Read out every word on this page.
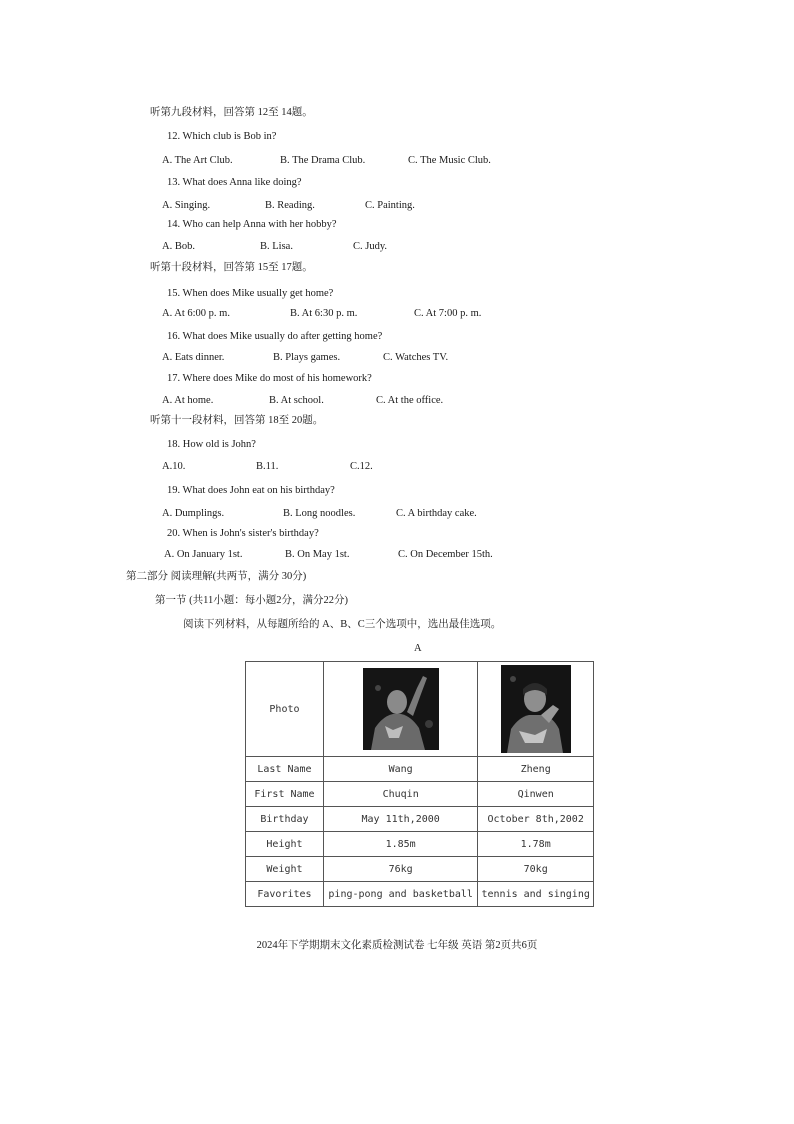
听第九段材料，回答第 12至 14题。
12. Which club is Bob in?
A. The Art Club.	B. The Drama Club.	C. The Music Club.
13. What does Anna like doing?
A. Singing.	B. Reading.	C. Painting.
14. Who can help Anna with her hobby?
A. Bob.	B. Lisa.	C. Judy.
听第十段材料，回答第 15至 17题。
15. When does Mike usually get home?
A. At 6:00 p. m.	B. At 6:30 p. m.	C. At 7:00 p. m.
16. What does Mike usually do after getting home?
A. Eats dinner.	B. Plays games.	C. Watches TV.
17. Where does Mike do most of his homework?
A. At home.	B. At school.	C. At the office.
听第十一段材料，回答第 18至 20题。
18. How old is John?
A.10.	B.11.	C.12.
19. What does John eat on his birthday?
A. Dumplings.	B. Long noodles.	C. A birthday cake.
20. When is John's sister's birthday?
A. On January 1st.	B. On May 1st.	C. On December 15th.
第二部分 阅读理解(共两节，满分 30分)
第一节 (共11小题：每小题2分，满分22分)
阅读下列材料，从每题所给的 A、B、C三个选项中，选出最佳选项。
A
Photo		
Last Name	Wang	Zheng
First Name	Chuqin	Qinwen
Birthday	May 11th,2000	October 8th,2002
Height	1.85m	1.78m
Weight	76kg	70kg
Favorites	ping-pong and basketball	tennis and singing
2024年下学期期末文化素质检测试卷 七年级 英语 第2页共6页
